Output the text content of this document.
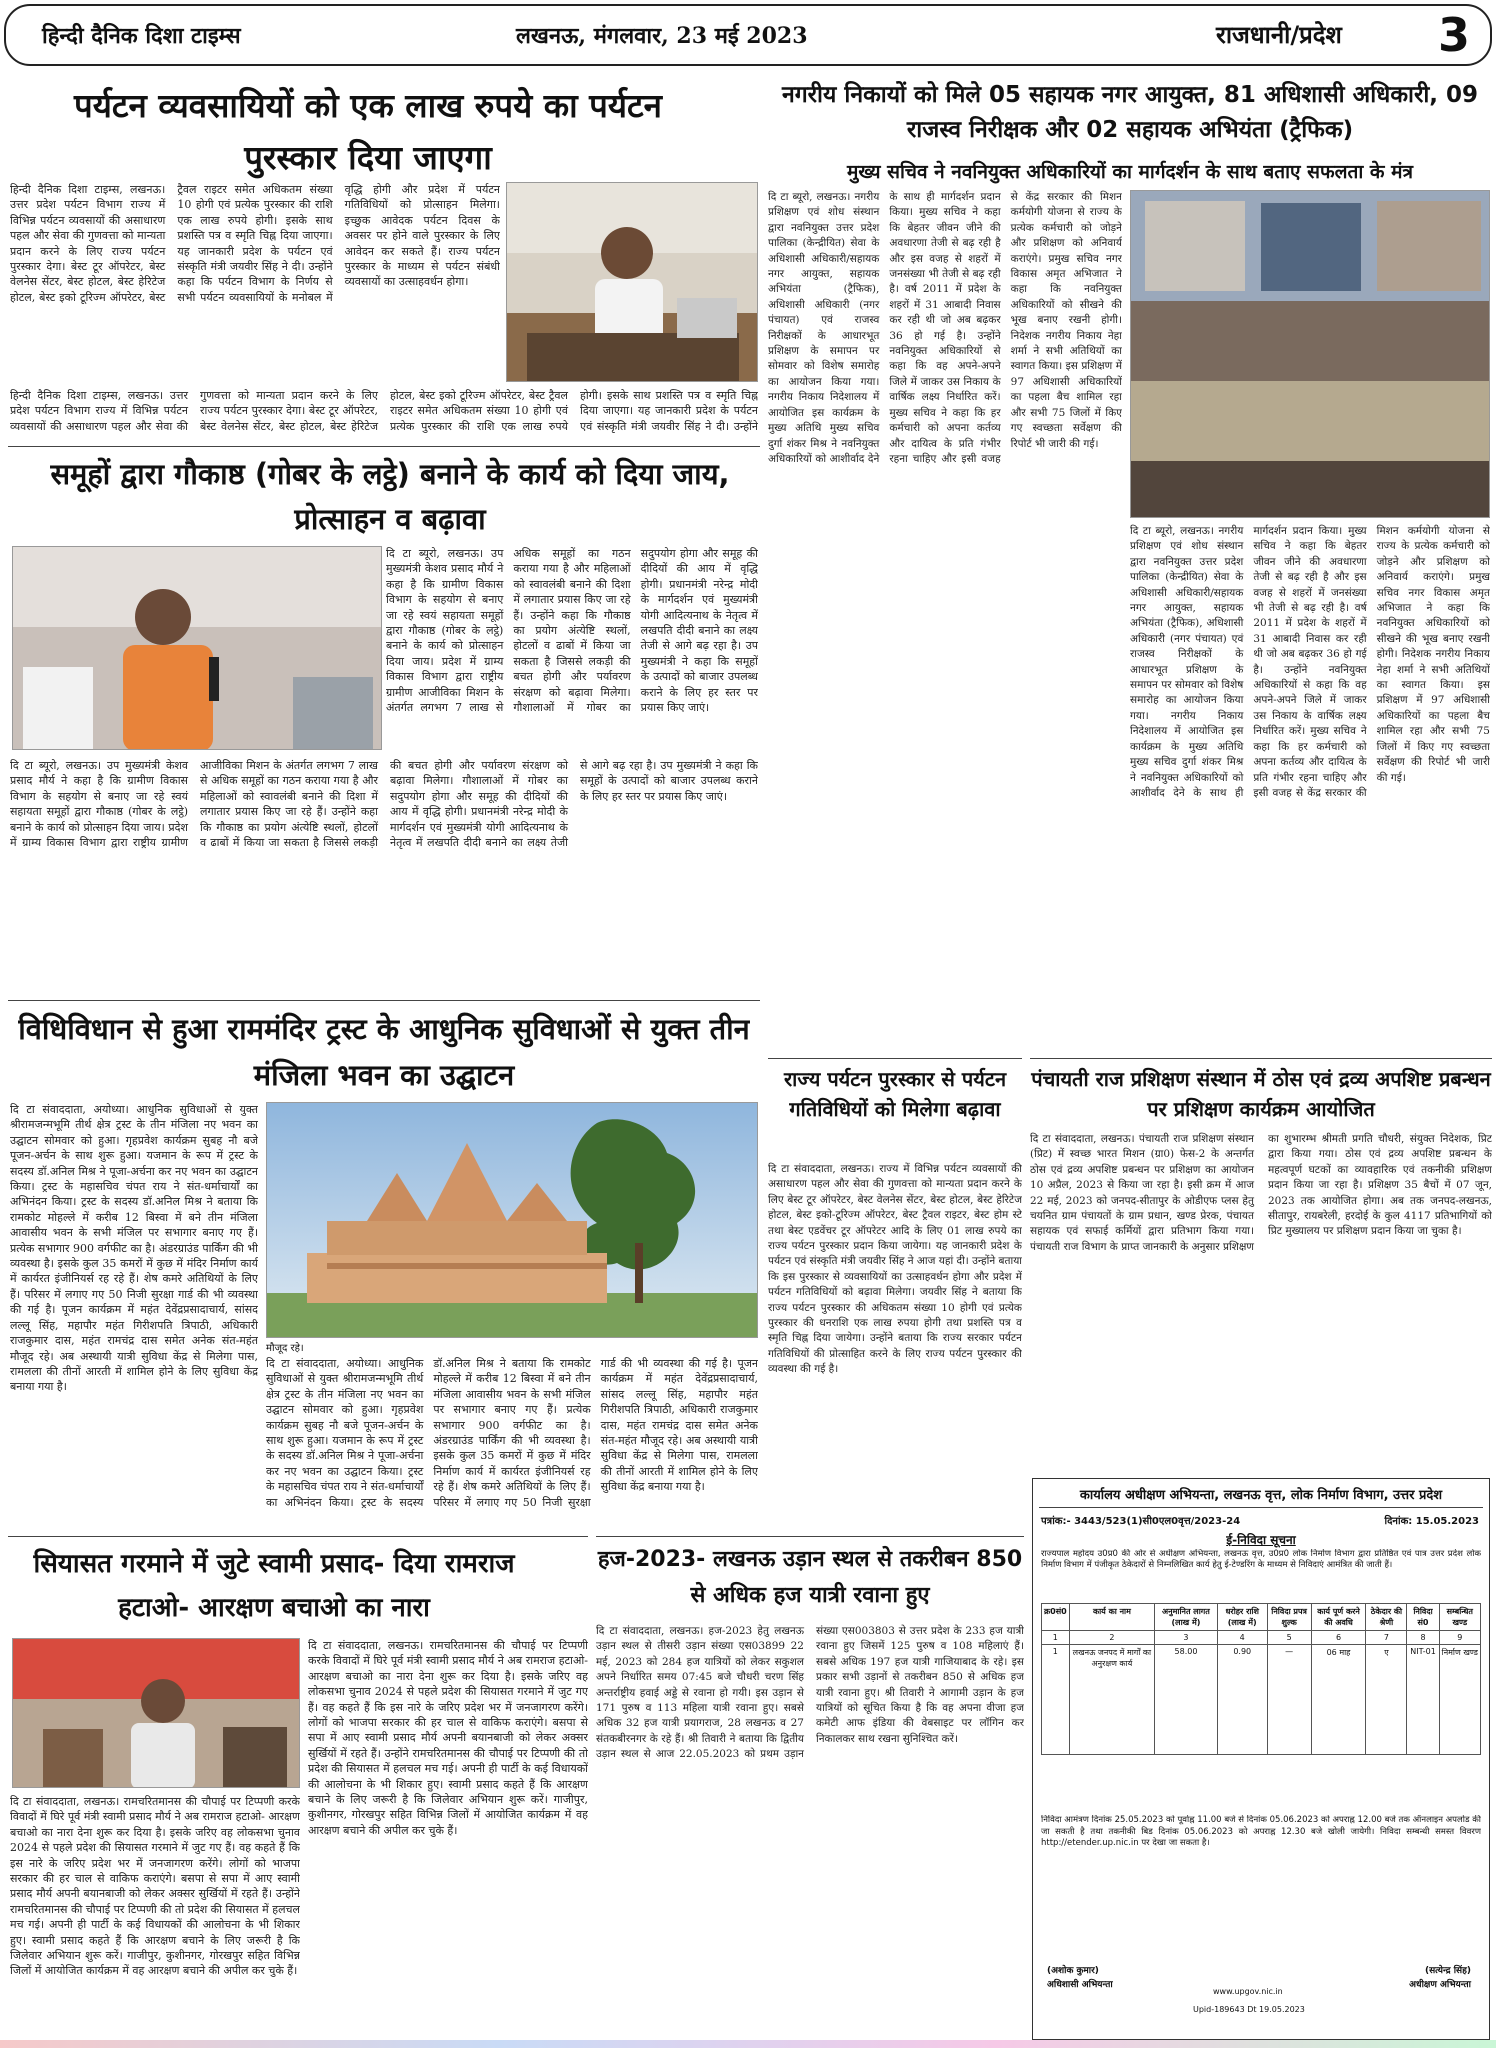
हिन्दी दैनिक दिशा टाइम्स	लखनऊ, मंगलवार, 23 मई 2023	राजधानी/प्रदेश 3
पर्यटन व्यवसायियों को एक लाख रुपये का पर्यटन पुरस्कार दिया जाएगा
हिन्दी दैनिक दिशा टाइम्स, लखनऊ। उत्तर प्रदेश पर्यटन विभाग राज्य में विभिन्न पर्यटन व्यवसायों की असाधारण पहल और सेवा की गुणवत्ता को मान्यता प्रदान करने के लिए राज्य पर्यटन पुरस्कार देगा। बेस्ट टूर ऑपरेटर, बेस्ट वेलनेस सेंटर, बेस्ट होटल, बेस्ट हेरिटेज होटल, बेस्ट इको टूरिज्म ऑपरेटर, बेस्ट ट्रैवल राइटर समेत अधिकतम संख्या 10 होगी एवं प्रत्येक पुरस्कार की राशि एक लाख रुपये होगी। इसके साथ प्रशस्ति पत्र व स्मृति चिह्न दिया जाएगा। यह जानकारी प्रदेश के पर्यटन एवं संस्कृति मंत्री जयवीर सिंह ने दी। उन्होंने कहा कि पर्यटन विभाग के निर्णय से सभी पर्यटन व्यवसायियों के मनोबल में वृद्धि होगी और प्रदेश में पर्यटन गतिविधियों को प्रोत्साहन मिलेगा। इच्छुक आवेदक पर्यटन दिवस के अवसर पर होने वाले पुरस्कार के लिए आवेदन कर सकते हैं। राज्य पर्यटन पुरस्कार के माध्यम से पर्यटन संबंधी व्यवसायों का उत्साहवर्धन होगा।
हिन्दी दैनिक दिशा टाइम्स, लखनऊ। उत्तर प्रदेश पर्यटन विभाग राज्य में विभिन्न पर्यटन व्यवसायों की असाधारण पहल और सेवा की गुणवत्ता को मान्यता प्रदान करने के लिए राज्य पर्यटन पुरस्कार देगा। बेस्ट टूर ऑपरेटर, बेस्ट वेलनेस सेंटर, बेस्ट होटल, बेस्ट हेरिटेज होटल, बेस्ट इको टूरिज्म ऑपरेटर, बेस्ट ट्रैवल राइटर समेत अधिकतम संख्या 10 होगी एवं प्रत्येक पुरस्कार की राशि एक लाख रुपये होगी। इसके साथ प्रशस्ति पत्र व स्मृति चिह्न दिया जाएगा। यह जानकारी प्रदेश के पर्यटन एवं संस्कृति मंत्री जयवीर सिंह ने दी। उन्होंने
नगरीय निकायों को मिले 05 सहायक नगर आयुक्त, 81 अधिशासी अधिकारी, 09 राजस्व निरीक्षक और 02 सहायक अभियंता (ट्रैफिक)
मुख्य सचिव ने नवनियुक्त अधिकारियों का मार्गदर्शन के साथ बताए सफलता के मंत्र
दि टा ब्यूरो, लखनऊ। नगरीय प्रशिक्षण एवं शोध संस्थान द्वारा नवनियुक्त उत्तर प्रदेश पालिका (केन्द्रीयित) सेवा के अधिशासी अधिकारी/सहायक नगर आयुक्त, सहायक अभियंता (ट्रैफिक), अधिशासी अधिकारी (नगर पंचायत) एवं राजस्व निरीक्षकों के आधारभूत प्रशिक्षण के समापन पर सोमवार को विशेष समारोह का आयोजन किया गया। नगरीय निकाय निदेशालय में आयोजित इस कार्यक्रम के मुख्य अतिथि मुख्य सचिव दुर्गा शंकर मिश्र ने नवनियुक्त अधिकारियों को आशीर्वाद देने के साथ ही मार्गदर्शन प्रदान किया। मुख्य सचिव ने कहा कि बेहतर जीवन जीने की अवधारणा तेजी से बढ़ रही है और इस वजह से शहरों में जनसंख्या भी तेजी से बढ़ रही है। वर्ष 2011 में प्रदेश के शहरों में 31 आबादी निवास कर रही थी जो अब बढ़कर 36 हो गई है। उन्होंने नवनियुक्त अधिकारियों से कहा कि वह अपने-अपने जिले में जाकर उस निकाय के वार्षिक लक्ष्य निर्धारित करें। मुख्य सचिव ने कहा कि हर कर्मचारी को अपना कर्तव्य और दायित्व के प्रति गंभीर रहना चाहिए और इसी वजह से केंद्र सरकार की मिशन कर्मयोगी योजना से राज्य के प्रत्येक कर्मचारी को जोड़ने और प्रशिक्षण को अनिवार्य कराएंगे। प्रमुख सचिव नगर विकास अमृत अभिजात ने कहा कि नवनियुक्त अधिकारियों को सीखने की भूख बनाए रखनी होगी। निदेशक नगरीय निकाय नेहा शर्मा ने सभी अतिथियों का स्वागत किया। इस प्रशिक्षण में 97 अधिशासी अधिकारियों का पहला बैच शामिल रहा और सभी 75 जिलों में किए गए स्वच्छता सर्वेक्षण की रिपोर्ट भी जारी की गई।
दि टा ब्यूरो, लखनऊ। नगरीय प्रशिक्षण एवं शोध संस्थान द्वारा नवनियुक्त उत्तर प्रदेश पालिका (केन्द्रीयित) सेवा के अधिशासी अधिकारी/सहायक नगर आयुक्त, सहायक अभियंता (ट्रैफिक), अधिशासी अधिकारी (नगर पंचायत) एवं राजस्व निरीक्षकों के आधारभूत प्रशिक्षण के समापन पर सोमवार को विशेष समारोह का आयोजन किया गया। नगरीय निकाय निदेशालय में आयोजित इस कार्यक्रम के मुख्य अतिथि मुख्य सचिव दुर्गा शंकर मिश्र ने नवनियुक्त अधिकारियों को आशीर्वाद देने के साथ ही मार्गदर्शन प्रदान किया। मुख्य सचिव ने कहा कि बेहतर जीवन जीने की अवधारणा तेजी से बढ़ रही है और इस वजह से शहरों में जनसंख्या भी तेजी से बढ़ रही है। वर्ष 2011 में प्रदेश के शहरों में 31 आबादी निवास कर रही थी जो अब बढ़कर 36 हो गई है। उन्होंने नवनियुक्त अधिकारियों से कहा कि वह अपने-अपने जिले में जाकर उस निकाय के वार्षिक लक्ष्य निर्धारित करें। मुख्य सचिव ने कहा कि हर कर्मचारी को अपना कर्तव्य और दायित्व के प्रति गंभीर रहना चाहिए और इसी वजह से केंद्र सरकार की मिशन कर्मयोगी योजना से राज्य के प्रत्येक कर्मचारी को जोड़ने और प्रशिक्षण को अनिवार्य कराएंगे। प्रमुख सचिव नगर विकास अमृत अभिजात ने कहा कि नवनियुक्त अधिकारियों को सीखने की भूख बनाए रखनी होगी। निदेशक नगरीय निकाय नेहा शर्मा ने सभी अतिथियों का स्वागत किया। इस प्रशिक्षण में 97 अधिशासी अधिकारियों का पहला बैच शामिल रहा और सभी 75 जिलों में किए गए स्वच्छता सर्वेक्षण की रिपोर्ट भी जारी की गई।
समूहों द्वारा गौकाष्ठ (गोबर के लट्ठे) बनाने के कार्य को दिया जाय, प्रोत्साहन व बढ़ावा
दि टा ब्यूरो, लखनऊ। उप मुख्यमंत्री केशव प्रसाद मौर्य ने कहा है कि ग्रामीण विकास विभाग के सहयोग से बनाए जा रहे स्वयं सहायता समूहों द्वारा गौकाष्ठ (गोबर के लट्ठे) बनाने के कार्य को प्रोत्साहन दिया जाय। प्रदेश में ग्राम्य विकास विभाग द्वारा राष्ट्रीय ग्रामीण आजीविका मिशन के अंतर्गत लगभग 7 लाख से अधिक समूहों का गठन कराया गया है और महिलाओं को स्वावलंबी बनाने की दिशा में लगातार प्रयास किए जा रहे हैं। उन्होंने कहा कि गौकाष्ठ का प्रयोग अंत्येष्टि स्थलों, होटलों व ढाबों में किया जा सकता है जिससे लकड़ी की बचत होगी और पर्यावरण संरक्षण को बढ़ावा मिलेगा। गौशालाओं में गोबर का सदुपयोग होगा और समूह की दीदियों की आय में वृद्धि होगी। प्रधानमंत्री नरेन्द्र मोदी के मार्गदर्शन एवं मुख्यमंत्री योगी आदित्यनाथ के नेतृत्व में लखपति दीदी बनाने का लक्ष्य तेजी से आगे बढ़ रहा है। उप मुख्यमंत्री ने कहा कि समूहों के उत्पादों को बाजार उपलब्ध कराने के लिए हर स्तर पर प्रयास किए जाएं।
दि टा ब्यूरो, लखनऊ। उप मुख्यमंत्री केशव प्रसाद मौर्य ने कहा है कि ग्रामीण विकास विभाग के सहयोग से बनाए जा रहे स्वयं सहायता समूहों द्वारा गौकाष्ठ (गोबर के लट्ठे) बनाने के कार्य को प्रोत्साहन दिया जाय। प्रदेश में ग्राम्य विकास विभाग द्वारा राष्ट्रीय ग्रामीण आजीविका मिशन के अंतर्गत लगभग 7 लाख से अधिक समूहों का गठन कराया गया है और महिलाओं को स्वावलंबी बनाने की दिशा में लगातार प्रयास किए जा रहे हैं। उन्होंने कहा कि गौकाष्ठ का प्रयोग अंत्येष्टि स्थलों, होटलों व ढाबों में किया जा सकता है जिससे लकड़ी की बचत होगी और पर्यावरण संरक्षण को बढ़ावा मिलेगा। गौशालाओं में गोबर का सदुपयोग होगा और समूह की दीदियों की आय में वृद्धि होगी। प्रधानमंत्री नरेन्द्र मोदी के मार्गदर्शन एवं मुख्यमंत्री योगी आदित्यनाथ के नेतृत्व में लखपति दीदी बनाने का लक्ष्य तेजी से आगे बढ़ रहा है। उप मुख्यमंत्री ने कहा कि समूहों के उत्पादों को बाजार उपलब्ध कराने के लिए हर स्तर पर प्रयास किए जाएं।
विधिविधान से हुआ राममंदिर ट्रस्ट के आधुनिक सुविधाओं से युक्त तीन मंजिला भवन का उद्घाटन
दि टा संवाददाता, अयोध्या। आधुनिक सुविधाओं से युक्त श्रीरामजन्मभूमि तीर्थ क्षेत्र ट्रस्ट के तीन मंजिला नए भवन का उद्घाटन सोमवार को हुआ। गृहप्रवेश कार्यक्रम सुबह नौ बजे पूजन-अर्चन के साथ शुरू हुआ। यजमान के रूप में ट्रस्ट के सदस्य डॉ.अनिल मिश्र ने पूजा-अर्चना कर नए भवन का उद्घाटन किया। ट्रस्ट के महासचिव चंपत राय ने संत-धर्माचार्यों का अभिनंदन किया। ट्रस्ट के सदस्य डॉ.अनिल मिश्र ने बताया कि रामकोट मोहल्ले में करीब 12 बिस्वा में बने तीन मंजिला आवासीय भवन के सभी मंजिल पर सभागार बनाए गए हैं। प्रत्येक सभागार 900 वर्गफीट का है। अंडरग्राउंड पार्किंग की भी व्यवस्था है। इसके कुल 35 कमरों में कुछ में मंदिर निर्माण कार्य में कार्यरत इंजीनियर्स रह रहे हैं। शेष कमरे अतिथियों के लिए हैं। परिसर में लगाए गए 50 निजी सुरक्षा गार्ड की भी व्यवस्था की गई है। पूजन कार्यक्रम में महंत देवेंद्रप्रसादाचार्य, सांसद लल्लू सिंह, महापौर महंत गिरीशपति त्रिपाठी, अधिकारी राजकुमार दास, महंत रामचंद्र दास समेत अनेक संत-महंत मौजूद रहे। अब अस्थायी यात्री सुविधा केंद्र से मिलेगा पास, रामलला की तीनों आरती में शामिल होने के लिए सुविधा केंद्र बनाया गया है।
मौजूद रहे।
दि टा संवाददाता, अयोध्या। आधुनिक सुविधाओं से युक्त श्रीरामजन्मभूमि तीर्थ क्षेत्र ट्रस्ट के तीन मंजिला नए भवन का उद्घाटन सोमवार को हुआ। गृहप्रवेश कार्यक्रम सुबह नौ बजे पूजन-अर्चन के साथ शुरू हुआ। यजमान के रूप में ट्रस्ट के सदस्य डॉ.अनिल मिश्र ने पूजा-अर्चना कर नए भवन का उद्घाटन किया। ट्रस्ट के महासचिव चंपत राय ने संत-धर्माचार्यों का अभिनंदन किया। ट्रस्ट के सदस्य डॉ.अनिल मिश्र ने बताया कि रामकोट मोहल्ले में करीब 12 बिस्वा में बने तीन मंजिला आवासीय भवन के सभी मंजिल पर सभागार बनाए गए हैं। प्रत्येक सभागार 900 वर्गफीट का है। अंडरग्राउंड पार्किंग की भी व्यवस्था है। इसके कुल 35 कमरों में कुछ में मंदिर निर्माण कार्य में कार्यरत इंजीनियर्स रह रहे हैं। शेष कमरे अतिथियों के लिए हैं। परिसर में लगाए गए 50 निजी सुरक्षा गार्ड की भी व्यवस्था की गई है। पूजन कार्यक्रम में महंत देवेंद्रप्रसादाचार्य, सांसद लल्लू सिंह, महापौर महंत गिरीशपति त्रिपाठी, अधिकारी राजकुमार दास, महंत रामचंद्र दास समेत अनेक संत-महंत मौजूद रहे। अब अस्थायी यात्री सुविधा केंद्र से मिलेगा पास, रामलला की तीनों आरती में शामिल होने के लिए सुविधा केंद्र बनाया गया है।
राज्य पर्यटन पुरस्कार से पर्यटन गतिविधियों को मिलेगा बढ़ावा
दि टा संवाददाता, लखनऊ। राज्य में विभिन्न पर्यटन व्यवसायों की असाधारण पहल और सेवा की गुणवत्ता को मान्यता प्रदान करने के लिए बेस्ट टूर ऑपरेटर, बेस्ट वेलनेस सेंटर, बेस्ट होटल, बेस्ट हेरिटेज होटल, बेस्ट इको-टूरिज्म ऑपरेटर, बेस्ट ट्रैवल राइटर, बेस्ट होम स्टे तथा बेस्ट एडवेंचर टूर ऑपरेटर आदि के लिए 01 लाख रुपये का राज्य पर्यटन पुरस्कार प्रदान किया जायेगा। यह जानकारी प्रदेश के पर्यटन एवं संस्कृति मंत्री जयवीर सिंह ने आज यहां दी। उन्होंने बताया कि इस पुरस्कार से व्यवसायियों का उत्साहवर्धन होगा और प्रदेश में पर्यटन गतिविधियों को बढ़ावा मिलेगा। जयवीर सिंह ने बताया कि राज्य पर्यटन पुरस्कार की अधिकतम संख्या 10 होगी एवं प्रत्येक पुरस्कार की धनराशि एक लाख रुपया होगी तथा प्रशस्ति पत्र व स्मृति चिह्न दिया जायेगा। उन्होंने बताया कि राज्य सरकार पर्यटन गतिविधियों की प्रोत्साहित करने के लिए राज्य पर्यटन पुरस्कार की व्यवस्था की गई है।
पंचायती राज प्रशिक्षण संस्थान में ठोस एवं द्रव्य अपशिष्ट प्रबन्धन पर प्रशिक्षण कार्यक्रम आयोजित
दि टा संवाददाता, लखनऊ। पंचायती राज प्रशिक्षण संस्थान (प्रिट) में स्वच्छ भारत मिशन (ग्रा0) फेस-2 के अन्तर्गत ठोस एवं द्रव्य अपशिष्ट प्रबन्धन पर प्रशिक्षण का आयोजन 10 अप्रैल, 2023 से किया जा रहा है। इसी क्रम में आज 22 मई, 2023 को जनपद-सीतापुर के ओडीएफ प्लस हेतु चयनित ग्राम पंचायतों के ग्राम प्रधान, खण्ड प्रेरक, पंचायत सहायक एवं सफाई कर्मियों द्वारा प्रतिभाग किया गया। पंचायती राज विभाग के प्राप्त जानकारी के अनुसार प्रशिक्षण का शुभारम्भ श्रीमती प्रगति चौधरी, संयुक्त निदेशक, प्रिट द्वारा किया गया। ठोस एवं द्रव्य अपशिष्ट प्रबन्धन के महत्वपूर्ण घटकों का व्यावहारिक एवं तकनीकी प्रशिक्षण प्रदान किया जा रहा है। प्रशिक्षण 35 बैचों में 07 जून, 2023 तक आयोजित होगा। अब तक जनपद-लखनऊ, सीतापुर, रायबरेली, हरदोई के कुल 4117 प्रतिभागियों को प्रिट मुख्यालय पर प्रशिक्षण प्रदान किया जा चुका है।
कार्यालय अधीक्षण अभियन्ता, लखनऊ वृत्त, लोक निर्माण विभाग, उत्तर प्रदेश
पत्रांक:- 3443/523(1)सी0एल0वृत्त/2023-24	दिनांक: 15.05.2023
ई-निविदा सूचना
राज्यपाल महोदय उ0प्र0 की ओर से अधीक्षण अभियन्ता, लखनऊ वृत्त, उ0प्र0 लोक निर्माण विभाग द्वारा प्रतिष्ठित एवं पात्र उत्तर प्रदेश लोक निर्माण विभाग में पंजीकृत ठेकेदारों से निम्नलिखित कार्य हेतु ई-टेण्डरिंग के माध्यम से निविदाएं आमंत्रित की जाती हैं।
क्र0सं0	कार्य का नाम	अनुमानित लागत (लाख में)	धरोहर राशि (लाख में)	निविदा प्रपत्र शुल्क	कार्य पूर्ण करने की अवधि	ठेकेदार की श्रेणी	निविदा सं0	सम्बन्धित खण्ड
1	2	3	4	5	6	7	8	9
1	लखनऊ जनपद में मार्गों का अनुरक्षण कार्य	58.00	0.90	—	06 माह	ए	NIT-01	निर्माण खण्ड
निविदा आमंत्रण दिनांक 25.05.2023 को पूर्वाह्न 11.00 बजे से दिनांक 05.06.2023 को अपराह्न 12.00 बजे तक ऑनलाइन अपलोड की जा सकती है तथा तकनीकी बिड दिनांक 05.06.2023 को अपराह्न 12.30 बजे खोली जायेगी। निविदा सम्बन्धी समस्त विवरण http://etender.up.nic.in पर देखा जा सकता है।
(अशोक कुमार)
अधिशासी अभियन्ता
(सत्येन्द्र सिंह)
अधीक्षण अभियन्ता
www.upgov.nic.in
Upid-189643 Dt 19.05.2023
सियासत गरमाने में जुटे स्वामी प्रसाद- दिया रामराज हटाओ- आरक्षण बचाओ का नारा
दि टा संवाददाता, लखनऊ। रामचरितमानस की चौपाई पर टिप्पणी करके विवादों में घिरे पूर्व मंत्री स्वामी प्रसाद मौर्य ने अब रामराज हटाओ- आरक्षण बचाओ का नारा देना शुरू कर दिया है। इसके जरिए वह लोकसभा चुनाव 2024 से पहले प्रदेश की सियासत गरमाने में जुट गए हैं। वह कहते हैं कि इस नारे के जरिए प्रदेश भर में जनजागरण करेंगे। लोगों को भाजपा सरकार की हर चाल से वाकिफ कराएंगे। बसपा से सपा में आए स्वामी प्रसाद मौर्य अपनी बयानबाजी को लेकर अक्सर सुर्खियों में रहते हैं। उन्होंने रामचरितमानस की चौपाई पर टिप्पणी की तो प्रदेश की सियासत में हलचल मच गई। अपनी ही पार्टी के कई विधायकों की आलोचना के भी शिकार हुए। स्वामी प्रसाद कहते हैं कि आरक्षण बचाने के लिए जरूरी है कि जिलेवार अभियान शुरू करें। गाजीपुर, कुशीनगर, गोरखपुर सहित विभिन्न जिलों में आयोजित कार्यक्रम में वह आरक्षण बचाने की अपील कर चुके हैं।
दि टा संवाददाता, लखनऊ। रामचरितमानस की चौपाई पर टिप्पणी करके विवादों में घिरे पूर्व मंत्री स्वामी प्रसाद मौर्य ने अब रामराज हटाओ- आरक्षण बचाओ का नारा देना शुरू कर दिया है। इसके जरिए वह लोकसभा चुनाव 2024 से पहले प्रदेश की सियासत गरमाने में जुट गए हैं। वह कहते हैं कि इस नारे के जरिए प्रदेश भर में जनजागरण करेंगे। लोगों को भाजपा सरकार की हर चाल से वाकिफ कराएंगे। बसपा से सपा में आए स्वामी प्रसाद मौर्य अपनी बयानबाजी को लेकर अक्सर सुर्खियों में रहते हैं। उन्होंने रामचरितमानस की चौपाई पर टिप्पणी की तो प्रदेश की सियासत में हलचल मच गई। अपनी ही पार्टी के कई विधायकों की आलोचना के भी शिकार हुए। स्वामी प्रसाद कहते हैं कि आरक्षण बचाने के लिए जरूरी है कि जिलेवार अभियान शुरू करें। गाजीपुर, कुशीनगर, गोरखपुर सहित विभिन्न जिलों में आयोजित कार्यक्रम में वह आरक्षण बचाने की अपील कर चुके हैं।
हज-2023- लखनऊ उड़ान स्थल से तकरीबन 850 से अधिक हज यात्री रवाना हुए
दि टा संवाददाता, लखनऊ। हज-2023 हेतु लखनऊ उड़ान स्थल से तीसरी उड़ान संख्या एस03899 22 मई, 2023 को 284 हज यात्रियों को लेकर सकुशल अपने निर्धारित समय 07:45 बजे चौधरी चरण सिंह अन्तर्राष्ट्रीय हवाई अड्डे से रवाना हो गयी। इस उड़ान से 171 पुरुष व 113 महिला यात्री रवाना हुए। सबसे अधिक 32 हज यात्री प्रयागराज, 28 लखनऊ व 27 संतकबीरनगर के रहे हैं। श्री तिवारी ने बताया कि द्वितीय उड़ान स्थल से आज 22.05.2023 को प्रथम उड़ान संख्या एस003803 से उत्तर प्रदेश के 233 हज यात्री रवाना हुए जिसमें 125 पुरुष व 108 महिलाएं हैं। सबसे अधिक 197 हज यात्री गाजियाबाद के रहे। इस प्रकार सभी उड़ानों से तकरीबन 850 से अधिक हज यात्री रवाना हुए। श्री तिवारी ने आगामी उड़ान के हज यात्रियों को सूचित किया है कि वह अपना वीजा हज कमेटी आफ इंडिया की वेबसाइट पर लॉगिन कर निकालकर साथ रखना सुनिश्चित करें।
